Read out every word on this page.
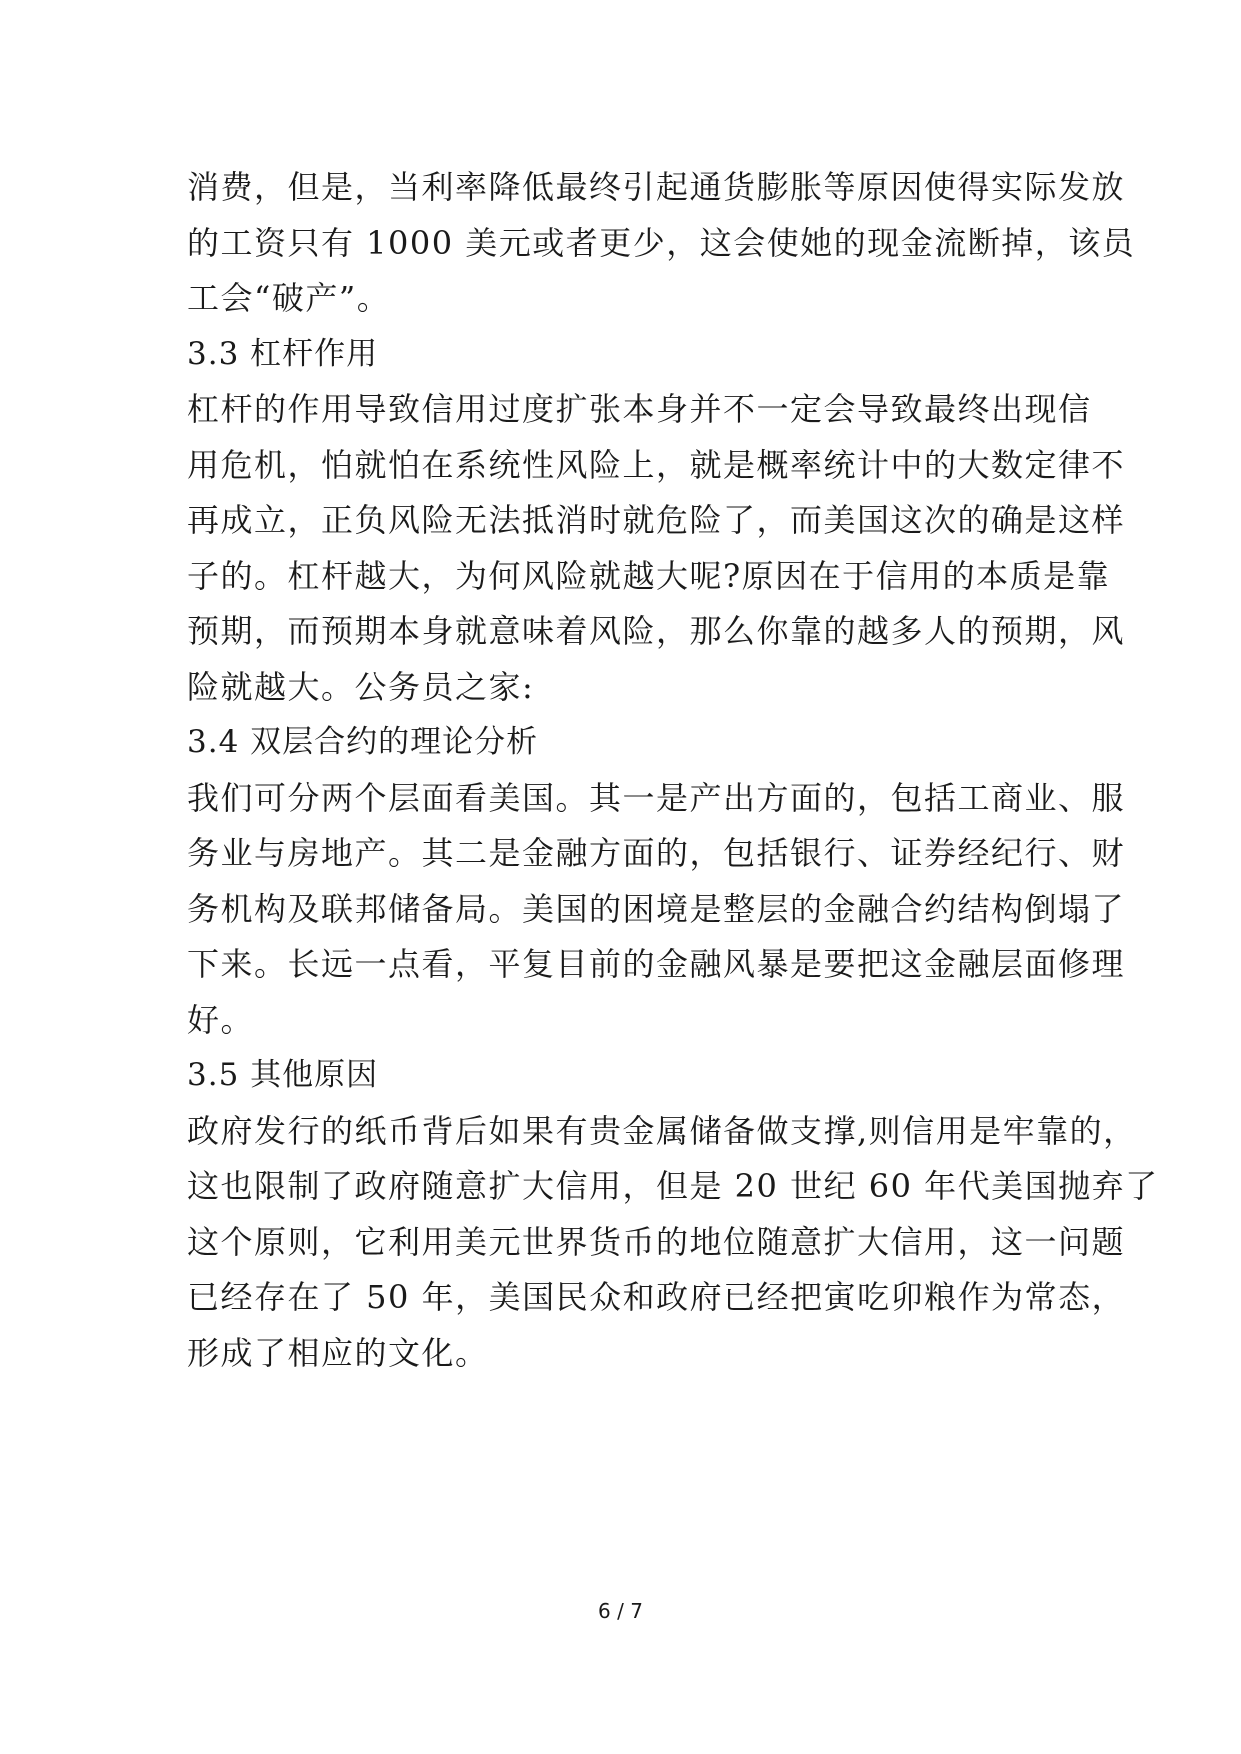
消费，但是，当利率降低最终引起通货膨胀等原因使得实际发放

的工资只有 1000 美元或者更少，这会使她的现金流断掉，该员

工会“破产”。

3.3 杠杆作用

杠杆的作用导致信用过度扩张本身并不一定会导致最终出现信

用危机，怕就怕在系统性风险上，就是概率统计中的大数定律不

再成立，正负风险无法抵消时就危险了，而美国这次的确是这样

子的。杠杆越大，为何风险就越大呢?原因在于信用的本质是靠

预期，而预期本身就意味着风险，那么你靠的越多人的预期，风

险就越大。公务员之家:

3.4 双层合约的理论分析

我们可分两个层面看美国。其一是产出方面的，包括工商业、服

务业与房地产。其二是金融方面的，包括银行、证券经纪行、财

务机构及联邦储备局。美国的困境是整层的金融合约结构倒塌了

下来。长远一点看，平复目前的金融风暴是要把这金融层面修理

好。

3.5 其他原因

政府发行的纸币背后如果有贵金属储备做支撑,则信用是牢靠的，

这也限制了政府随意扩大信用，但是 20 世纪 60 年代美国抛弃了

这个原则，它利用美元世界货币的地位随意扩大信用，这一问题

已经存在了 50 年，美国民众和政府已经把寅吃卯粮作为常态，

形成了相应的文化。

6 / 7
